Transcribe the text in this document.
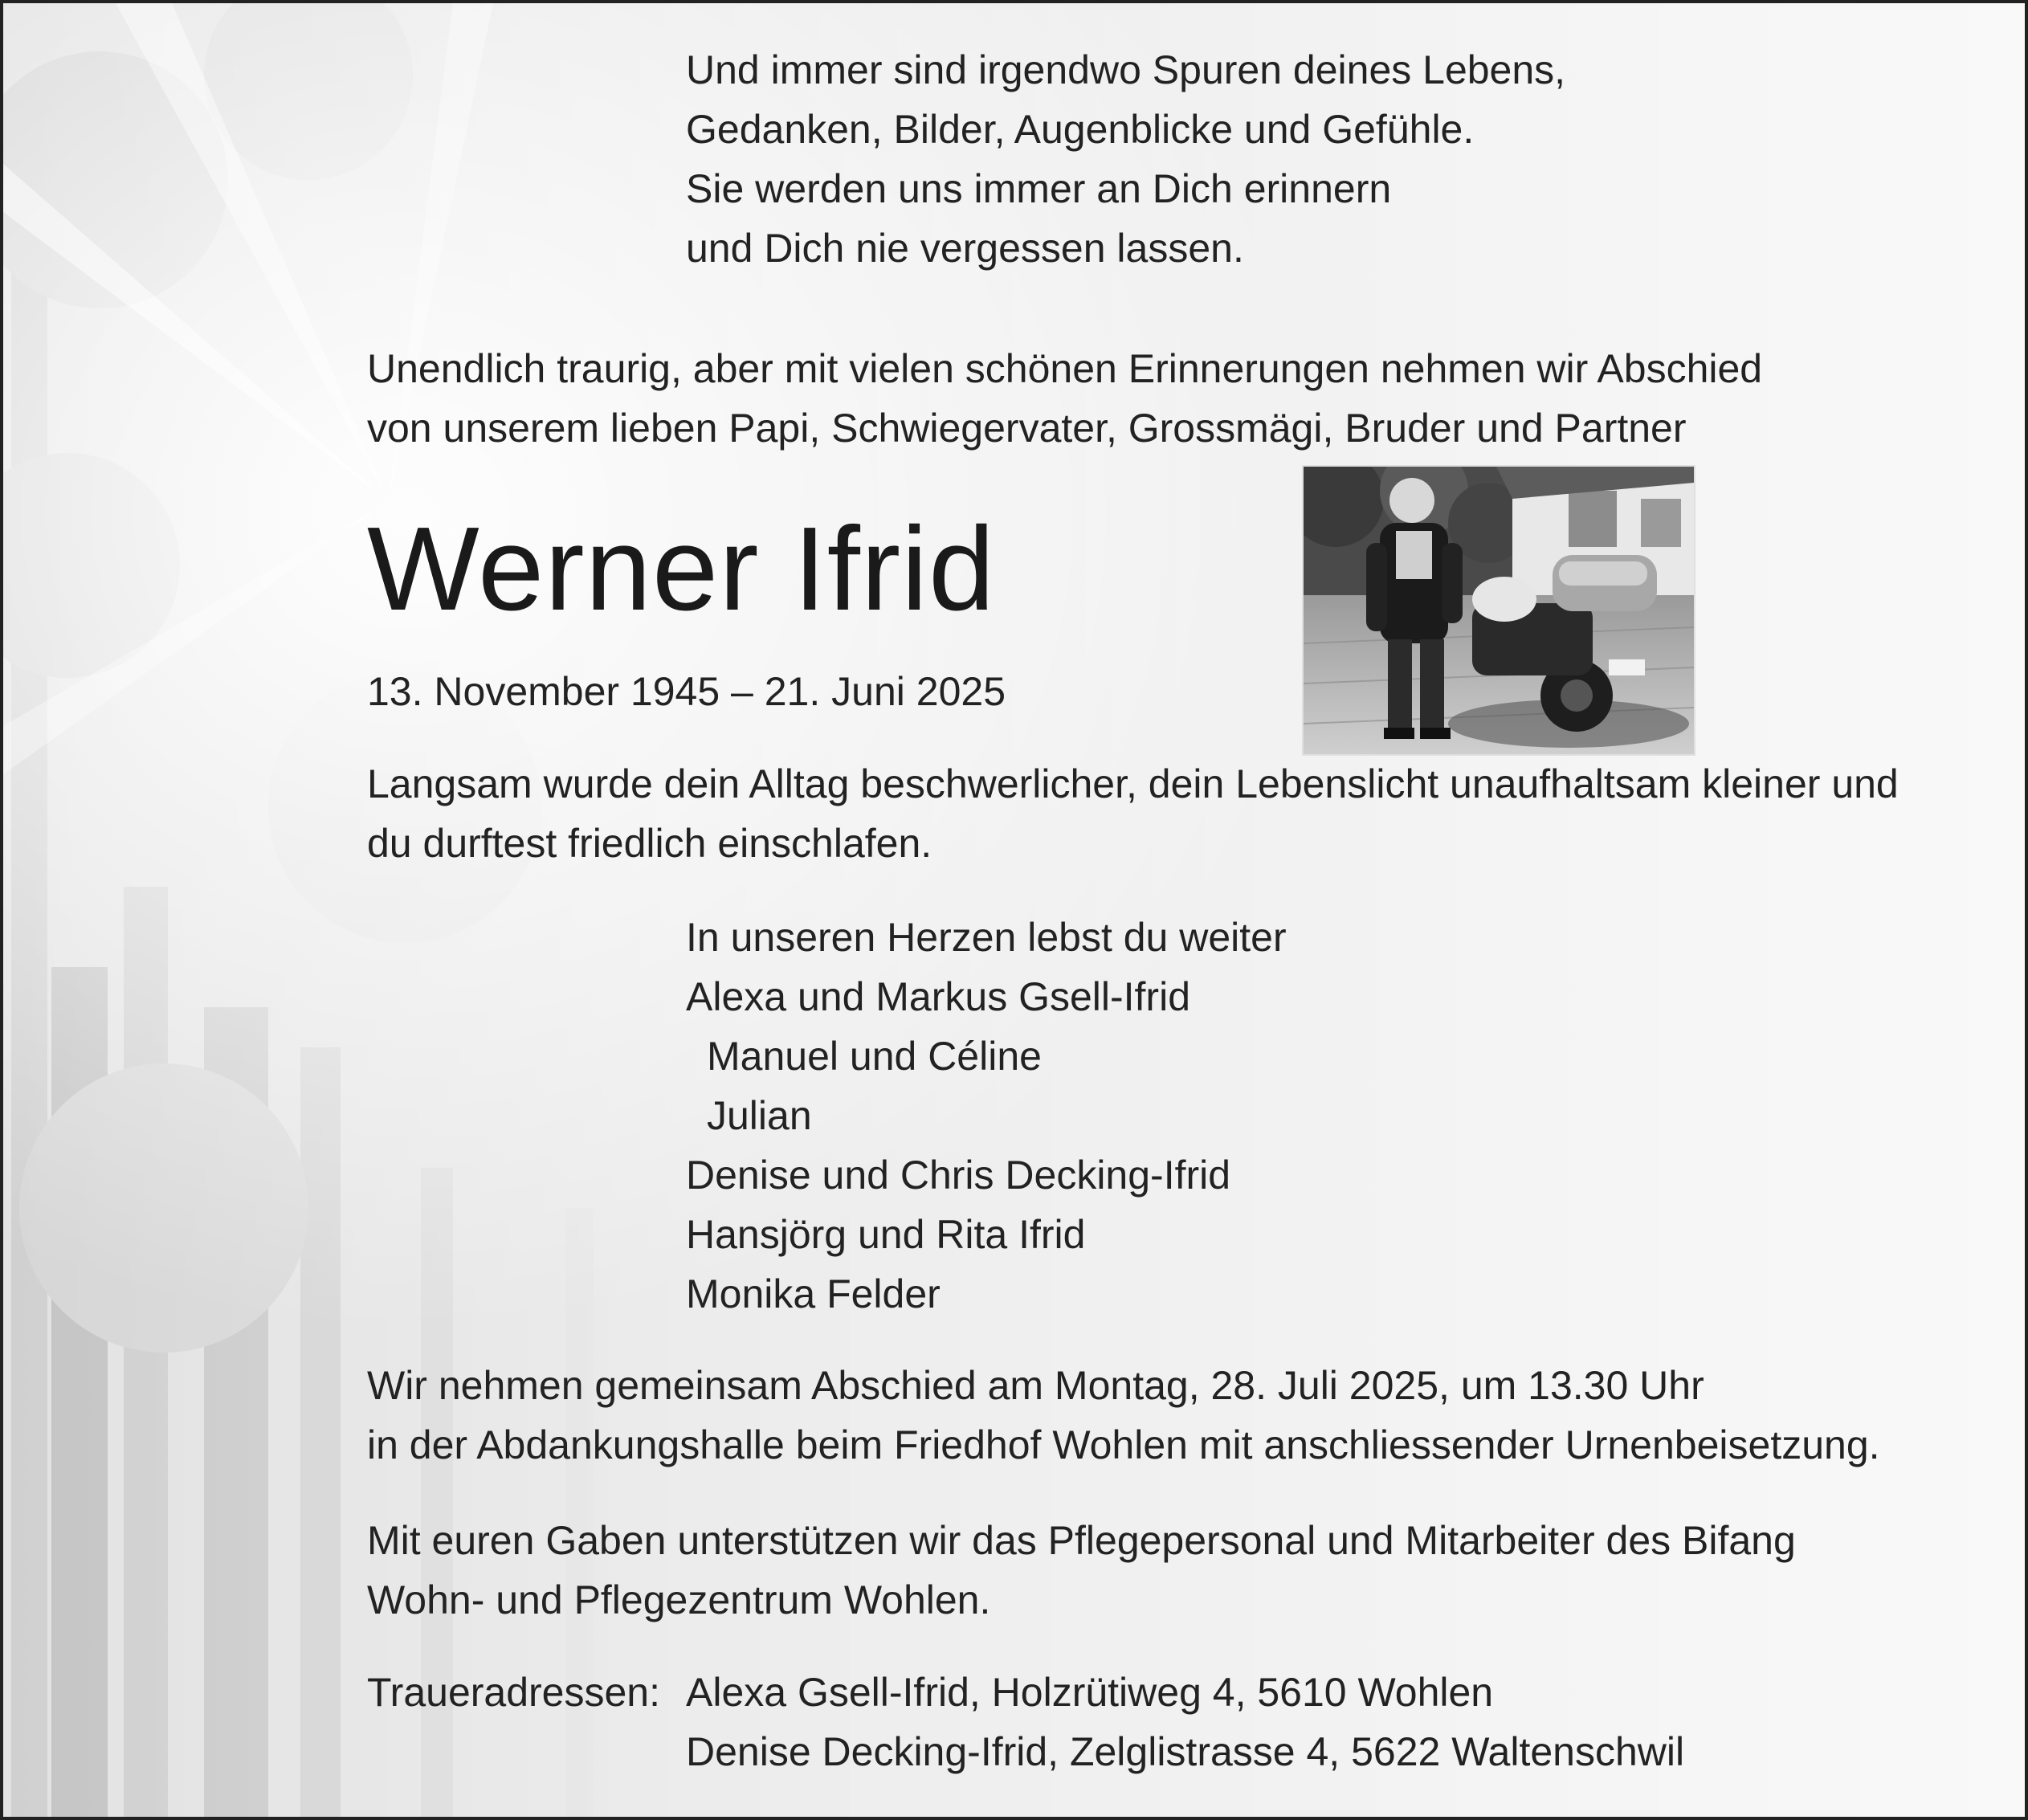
Und immer sind irgendwo Spuren deines Lebens,
Gedanken, Bilder, Augenblicke und Gefühle.
Sie werden uns immer an Dich erinnern
und Dich nie vergessen lassen.
Unendlich traurig, aber mit vielen schönen Erinnerungen nehmen wir Abschied
von unserem lieben Papi, Schwiegervater, Grossmägi, Bruder und Partner
Werner Ifrid
13. November 1945 – 21. Juni 2025
Langsam wurde dein Alltag beschwerlicher, dein Lebenslicht unaufhaltsam kleiner und
du durftest friedlich einschlafen.
In unseren Herzen lebst du weiter
Alexa und Markus Gsell-Ifrid
Manuel und Céline
Julian
Denise und Chris Decking-Ifrid
Hansjörg und Rita Ifrid
Monika Felder
Wir nehmen gemeinsam Abschied am Montag, 28. Juli 2025, um 13.30 Uhr
in der Abdankungshalle beim Friedhof Wohlen mit anschliessender Urnenbeisetzung.
Mit euren Gaben unterstützen wir das Pflegepersonal und Mitarbeiter des Bifang
Wohn- und Pflegezentrum Wohlen.
Traueradressen: Alexa Gsell-Ifrid, Holzrütiweg 4, 5610 Wohlen
Denise Decking-Ifrid, Zelglistrasse 4, 5622 Waltenschwil
